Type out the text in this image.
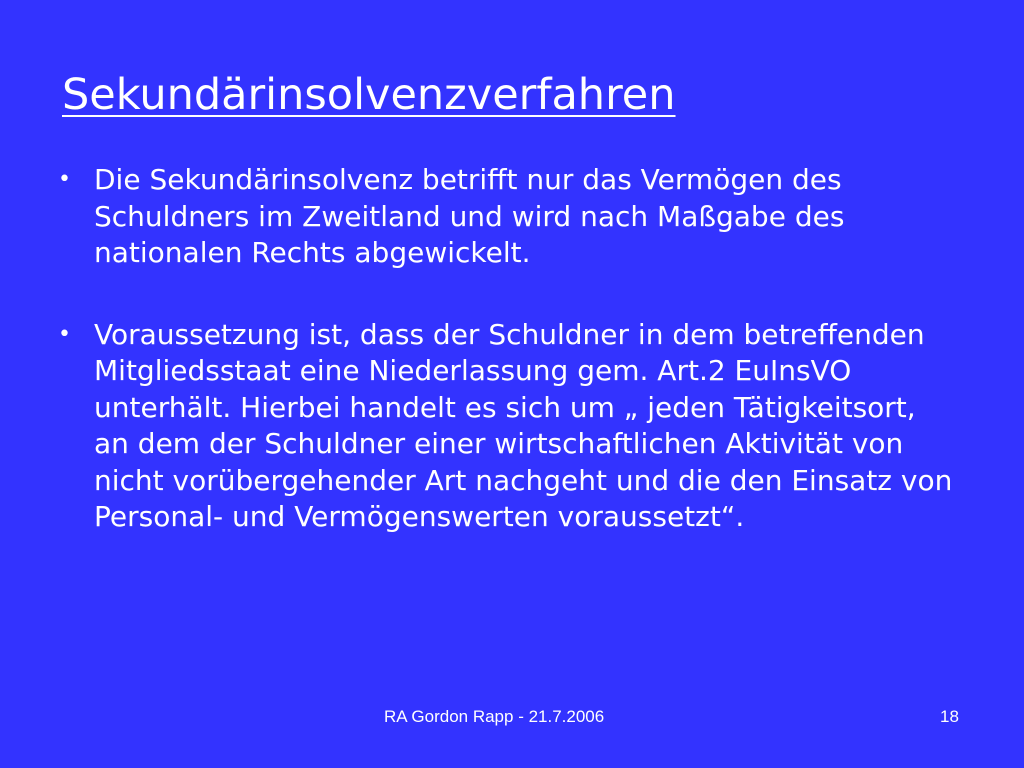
Sekundärinsolvenzverfahren
• Die Sekundärinsolvenz betrifft nur das Vermögen des Schuldners im Zweitland und wird nach Maßgabe des nationalen Rechts abgewickelt.
• Voraussetzung ist, dass der Schuldner in dem betreffenden Mitgliedsstaat eine Niederlassung gem. Art.2 EuInsVO unterhält. Hierbei handelt es sich um „ jeden Tätigkeitsort, an dem der Schuldner einer wirtschaftlichen Aktivität von nicht vorübergehender Art nachgeht und die den Einsatz von Personal- und Vermögenswerten voraussetzt“.
RA Gordon Rapp - 21.7.2006	18
